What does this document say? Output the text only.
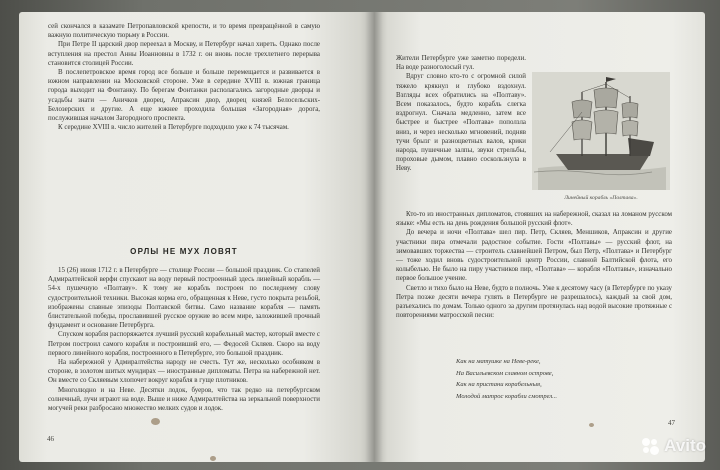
сей скончался в казамате Петропавловской крепости, и то время превращённой в самую важную политическую тюрьму в России.

При Петре II царский двор переехал в Москву, и Петербург начал хиреть. Однако после вступления на престол Анны Иоанновны в 1732 г. он вновь после трехлетнего перерыва становится столицей России.

В послепетровское время город все больше и больше перемещается и развивается в южном направлении на Московской стороне. Уже в середине XVIII в. южная граница города выходит на Фонтанку. По берегам Фонтанки располагались загородные дворцы и усадьбы знати — Аничков дворец, Апраксин двор, дворец князей Белосельских-Белозерских и другие. А еще южнее проходила большая «Загородная» дорога, послужившая началом Загородного проспекта.

К середине XVIII в. число жителей в Петербурге подходило уже к 74 тысячам.

ОРЛЫ НЕ МУХ ЛОВЯТ

15 (26) июня 1712 г. в Петербурге — столице России — большой праздник. Со стапелей Адмиралтейской верфи спускают на воду первый построенный здесь линейный корабль — 54-х пушечную «Полтаву». К тому же корабль построен по последнему слову судостроительной техники. Высокая корма его, обращенная к Неве, густо покрыта резьбой, изображены славные эпизоды Полтавской битвы. Само название корабля — память блистательной победы, прославившей русское оружие во всем мире, заложившей прочный фундамент и основание Петербурга.

Спуском корабля распоряжается лучший русский корабельный мастер, который вместе с Петром построил самого корабля и построивший его, — Федосей Скляев. Скоро на воду первого линейного корабля, построенного в Петербурге, это большой праздник.

На набережной у Адмиралтейства народу не счесть. Тут же, несколько особняком в стороне, в золотом шитых мундирах — иностранные дипломаты. Петра на набережной нет. Он вместе со Скляевым хлопочет вокруг корабля в гуще плотников.

Многолюдно и на Неве. Десятки лодок, буеров, что так редко на петербургском солнечный, лучи играют на воде. Выше и ниже Адмиралтейства на зеркальной поверхности могучей реки разбросано множество мелких судов и лодок.

46

Жители Петербурге уже заметно поредели. На воде разноголосый гул.

Вдруг словно кто-то с огромной силой тяжело крякнул и глубоко вздохнул. Взгляды всех обратились на «Полтаву». Всем показалось, будто корабль слегка вздрогнул. Сначала медленно, затем все быстрее и быстрее «Полтава» поползла вниз, и через несколько мгновений, подняв тучи брызг и разноцветных валов, крики народа, пушечные залпы, звуки стрельбы, пороховые дымом, плавно соскользнула в Неву.

Линейный корабль «Полтава».

Кто-то из иностранных дипломатов, стоявших на набережной, сказал на ломаном русском языке: «Мы есть на день рождения большой русский флот».

До вечера и ночи «Полтава» шел пир. Петр, Скляев, Меншиков, Апраксин и другие участники пира отмечали радостное событие. Гости «Полтавы» — русский флот, на зимовавших торжества — строитель славнейшей Петром, был Петр, «Полтава» и Петербург — тоже ходил вновь судостроительной центр России, славной Балтийской флота, его колыбелью. Не было на пиру участников пир, «Полтава» — корабля «Полтавы», изначально первое большое учение.

Светло и тихо было на Неве, будто в полночь. Уже к десятому часу (в Петербурге по указу Петра позже десяти вечера гулять в Петербурге не разрешалось), каждый за свой дом, разъехались по домам. Только одного за другим протянулась над водой высокие протяжные с повторениями матросской песни:

Как на матушке на Неве-реке,
На Васильевском славном острове,
Как на пристани корабельныя,
Молодой матрос корабли смотрел...
47
Avito
